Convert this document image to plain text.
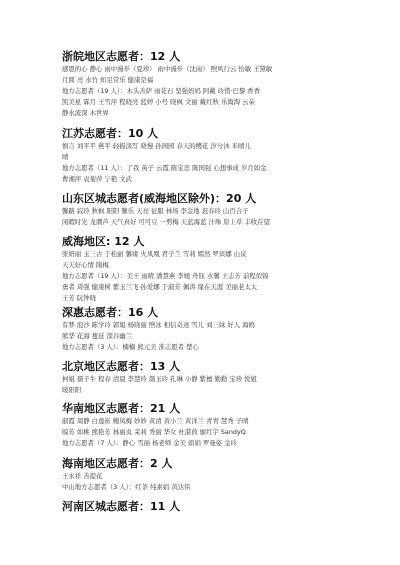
浙皖地区志愿者：12 人
感恩的心 静心 雨中漫步（夏珍） 雨中漫步（沈雨） 煦风行云 怡敏 王黛敏
月圆 亮 水竹 知足常乐 健康是福
地方志愿者（19 人）：木头善萨 雨花石 坚强妈妈 阿戴 玲惜·巴黎 香香
凯美星 霖月 王雪萍 程晓亮 蓝婷 小号 晓枫 文丽 戴红秋 乐淘淘 云朵
静水流深 木世界
江苏志愿者：10 人
慎言 刘平平 燕平 轻描淡写 晓慢 孙园园 春天的樱花 汐兮沐 米晴儿
晴
地方志愿者（11 人）：了我 英子 云霞 陈宝忠 陈国强 心想事成 岁月如金
曹湘萍 袁菊萍 宁艳 文武
山东区城志愿者(威海地区除外)：20 人
馨路 寂玲 秋枫 阳阳 馨乐 天亮 征服 林场 李金地 迟春玲 山百合子
闲暇时光 龙潮芦 天气真好 可可豆 一剪梅 天蓝海蓝 汁珠 原上草 丰收在望
威海地区: 12 人
张妍丽 玉三古 于松丽 馨缘 火凤凰 君子兰 雪莉 嫣然 罗宾娜 山泉
天天好心情 隋梅
地方志愿者（19 人）：美王 雨晴 潘慧燕 李媛 舟钰 水馨 王志芳 前程似锦
勇者 琦强 健康树 紫玉兰飞 孙爱娜 于淑芳 佩涛 缘在天涯 美丽老太太
王芳 阮钟晓
深惠志愿者：16 人
有梦 泡沙 陈学玲 郭姐 杨晓丽 煦冰 相信奇迹 雪儿 刘三妹 好人 海鸥
熊华 花海 蔓延 深谷幽兰
地方志愿者（3 人）：楠楠 熊元美 准志愿者 楚心
北京地区志愿者：13 人
柯姐 孺子牛 程春 清晨 李慧玲 颜玉玲 孔琳 小静 紫檀 勤勤 宝珍 悦姐
暖阳阳
华南地区志愿者：21 人
淑霞 周静 白莲崔 鲍凤梅 妙妙 黄清 黄小兰 黄洋兰 青青 慧秀 子晴
晾芳 如桃 熊艳芳 林丽贞 茉莉 秀丽 华女 杜湛荷 廖红宇 SandyQ
地方志愿者（7 人）：静心 雪丽 杨老师 金美 娟娟 罗曼姿 金玲
海南地区志愿者：2 人
王永祥 善提花
中山地方志愿者（3 人）：红茶 纯素娟 黄达伟
河南区城志愿者：11 人
